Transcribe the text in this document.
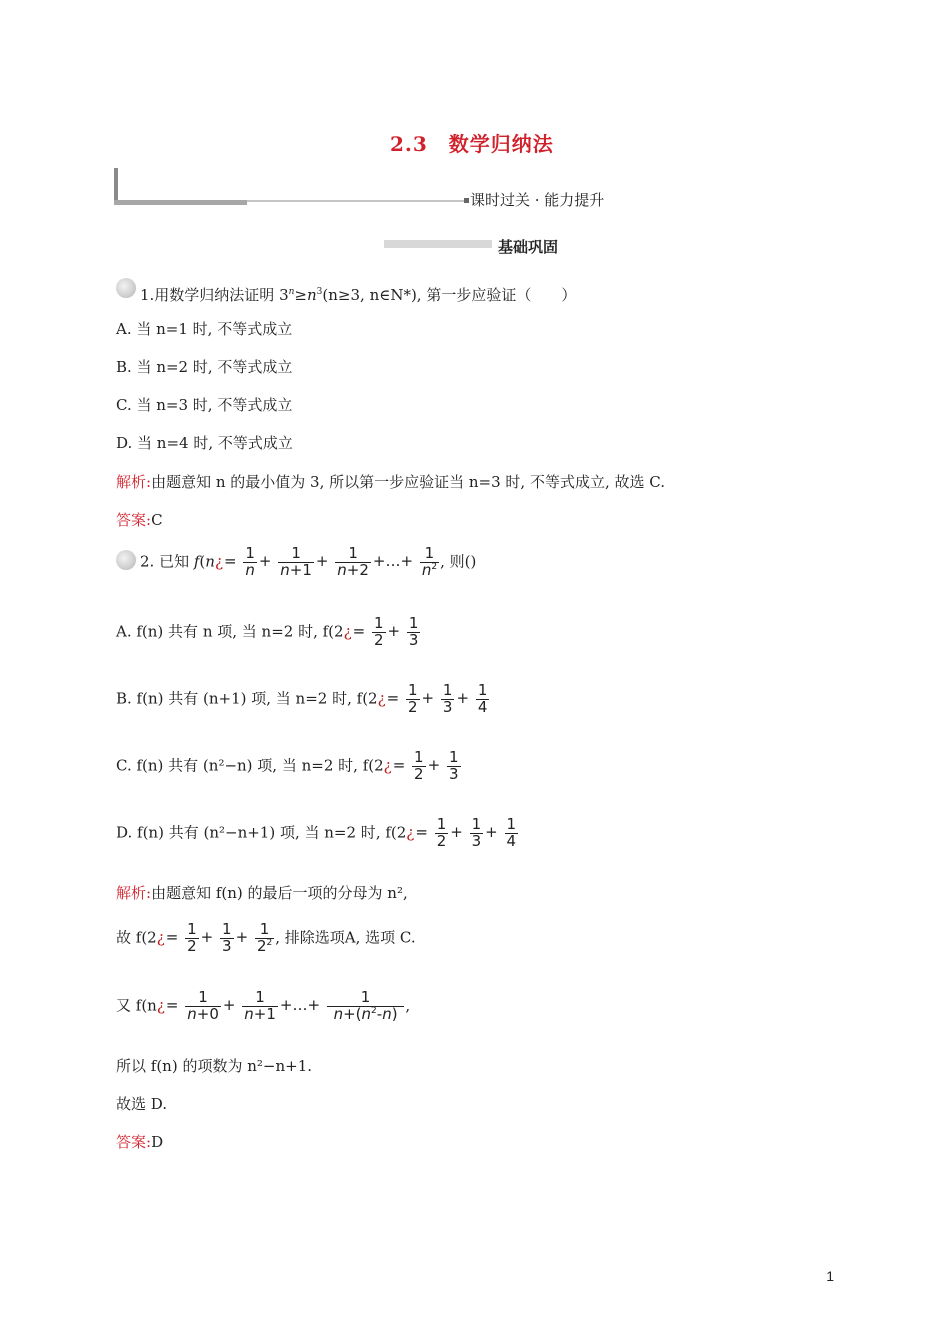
2.3　数学归纳法
课时过关 · 能力提升
基础巩固
1.用数学归纳法证明 $3^n\ge n^3(n\ge 3$, n∈N*), 第一步应验证（　　）
A. 当 n=1 时, 不等式成立
B. 当 n=2 时, 不等式成立
C. 当 n=3 时, 不等式成立
D. 当 n=4 时, 不等式成立
解析:由题意知 n 的最小值为 3, 所以第一步应验证当 n=3 时, 不等式成立, 故选 C.
答案:C
2. 已知 f(n¿= $\frac{1}{n} + \frac{1}{n+1} + \frac{1}{n+2}$ +…+ $\frac{1}{n^2}$ , 则()
A. f(n) 共有 n 项, 当 n=2 时, f(2¿= $\frac{1}{2} + \frac{1}{3}$
B. f(n) 共有 (n+1) 项, 当 n=2 时, f(2¿= $\frac{1}{2} + \frac{1}{3} + \frac{1}{4}$
C. f(n) 共有 (n²−n) 项, 当 n=2 时, f(2¿= $\frac{1}{2} + \frac{1}{3}$
D. f(n) 共有 (n²−n+1) 项, 当 n=2 时, f(2¿= $\frac{1}{2} + \frac{1}{3} + \frac{1}{4}$
解析:由题意知 f(n) 的最后一项的分母为 n²,
故 f(2¿= $\frac{1}{2} + \frac{1}{3} + \frac{1}{2^2}$ , 排除选项A, 选项 C.
又 f(n¿= $\frac{1}{n+0} + \frac{1}{n+1}$ +…+ $\frac{1}{n+(n^2-n)}$ ,
所以 f(n) 的项数为 n²−n+1.
故选 D.
答案:D
1
